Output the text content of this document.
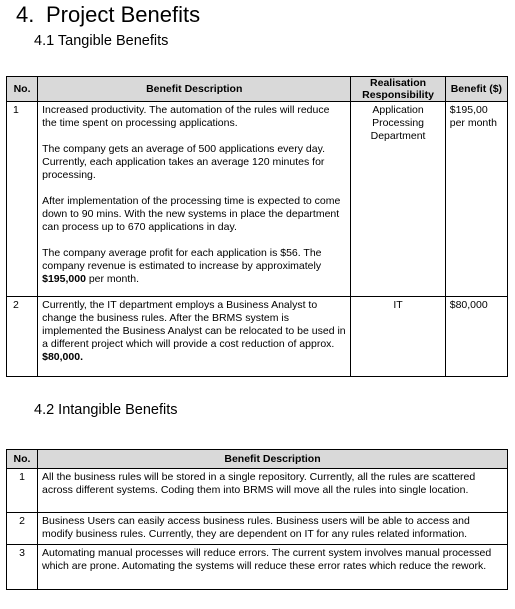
4. Project Benefits
4.1 Tangible Benefits
No.	Benefit Description	Realisation Responsibility	Benefit ($)
1	Increased productivity. The automation of the rules will reduce the time spent on processing applications.

The company gets an average of 500 applications every day. Currently, each application takes an average 120 minutes for processing.

After implementation of the processing time is expected to come down to 90 mins. With the new systems in place the department can process up to 670 applications in day.

The company average profit for each application is $56. The company revenue is estimated to increase by approximately $195,000 per month.	Application Processing Department	$195,00 per month
2	Currently, the IT department employs a Business Analyst to change the business rules. After the BRMS system is implemented the Business Analyst can be relocated to be used in a different project which will provide a cost reduction of approx. $80,000.	IT	$80,000
4.2 Intangible Benefits
No.	Benefit Description
1	All the business rules will be stored in a single repository. Currently, all the rules are scattered across different systems. Coding them into BRMS will move all the rules into single location.
2	Business Users can easily access business rules. Business users will be able to access and modify business rules. Currently, they are dependent on IT for any rules related information.
3	Automating manual processes will reduce errors. The current system involves manual processed which are prone. Automating the systems will reduce these error rates which reduce the rework.
